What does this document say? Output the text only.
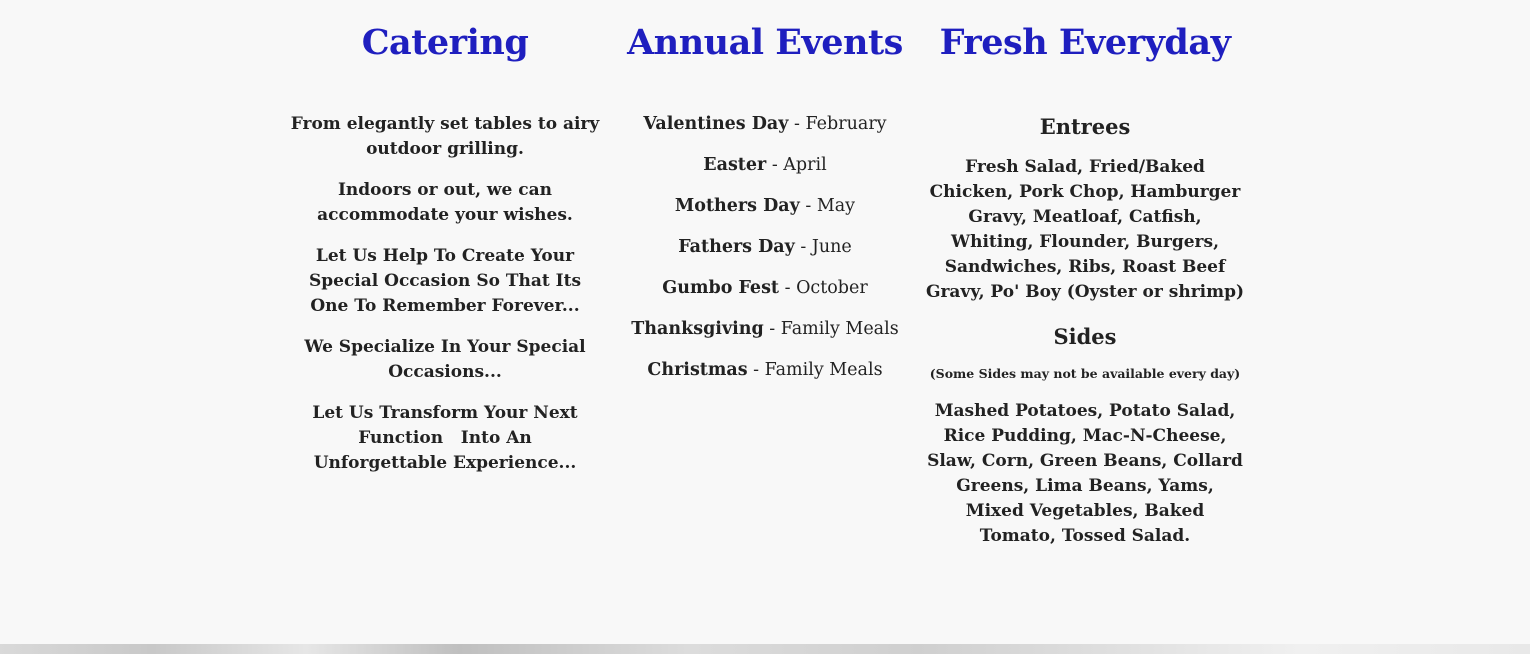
Catering

From elegantly set tables to airy outdoor grilling.

Indoors or out, we can accommodate your wishes.

Let Us Help To Create Your Special Occasion So That Its One To Remember Forever...

We Specialize In Your Special Occasions...

Let Us Transform Your Next Function   Into An Unforgettable Experience...

Annual Events

Valentines Day - February

Easter - April

Mothers Day - May

Fathers Day - June

Gumbo Fest - October

Thanksgiving - Family Meals

Christmas - Family Meals

Fresh Everyday

Entrees

Fresh Salad, Fried/Baked Chicken, Pork Chop, Hamburger Gravy, Meatloaf, Catfish, Whiting, Flounder, Burgers, Sandwiches, Ribs, Roast Beef Gravy, Po' Boy (Oyster or shrimp)

Sides

(Some Sides may not be available every day)

Mashed Potatoes, Potato Salad, Rice Pudding, Mac-N-Cheese, Slaw, Corn, Green Beans, Collard Greens, Lima Beans, Yams, Mixed Vegetables, Baked Tomato, Tossed Salad.
